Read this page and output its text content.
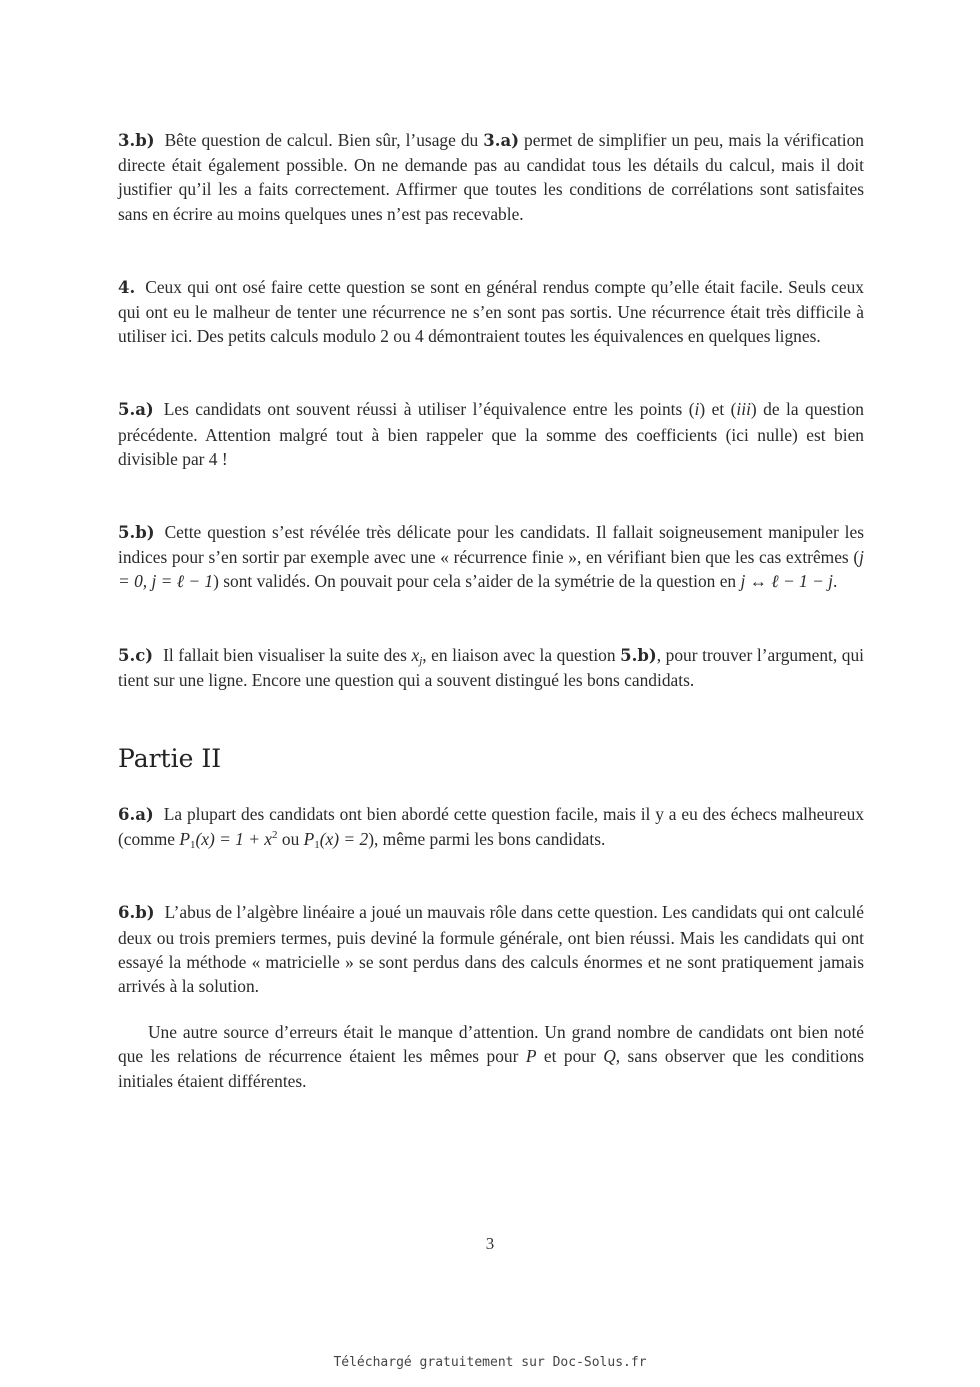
3.b) Bête question de calcul. Bien sûr, l’usage du 3.a) permet de simplifier un peu, mais la vérification directe était également possible. On ne demande pas au candidat tous les détails du calcul, mais il doit justifier qu’il les a faits correctement. Affirmer que toutes les conditions de corrélations sont satisfaites sans en écrire au moins quelques unes n’est pas recevable.

4. Ceux qui ont osé faire cette question se sont en général rendus compte qu’elle était facile. Seuls ceux qui ont eu le malheur de tenter une récurrence ne s’en sont pas sortis. Une récurrence était très difficile à utiliser ici. Des petits calculs modulo 2 ou 4 démontraient toutes les équivalences en quelques lignes.

5.a) Les candidats ont souvent réussi à utiliser l’équivalence entre les points (i) et (iii) de la question précédente. Attention malgré tout à bien rappeler que la somme des coefficients (ici nulle) est bien divisible par 4 !

5.b) Cette question s’est révélée très délicate pour les candidats. Il fallait soigneusement manipuler les indices pour s’en sortir par exemple avec une « récurrence finie », en vérifiant bien que les cas extrêmes (j = 0, j = ℓ − 1) sont validés. On pouvait pour cela s’aider de la symétrie de la question en j ↔ ℓ − 1 − j.

5.c) Il fallait bien visualiser la suite des $x_j$, en liaison avec la question 5.b), pour trouver l’argument, qui tient sur une ligne. Encore une question qui a souvent distingué les bons candidats.

Partie II

6.a) La plupart des candidats ont bien abordé cette question facile, mais il y a eu des échecs malheureux (comme $P_1(x) = 1 + x^2$ ou $P_1(x) = 2$), même parmi les bons candidats.

6.b) L’abus de l’algèbre linéaire a joué un mauvais rôle dans cette question. Les candidats qui ont calculé deux ou trois premiers termes, puis deviné la formule générale, ont bien réussi. Mais les candidats qui ont essayé la méthode « matricielle » se sont perdus dans des calculs énormes et ne sont pratiquement jamais arrivés à la solution.

Une autre source d’erreurs était le manque d’attention. Un grand nombre de candidats ont bien noté que les relations de récurrence étaient les mêmes pour P et pour Q, sans observer que les conditions initiales étaient différentes.

3
Téléchargé gratuitement sur Doc-Solus.fr
